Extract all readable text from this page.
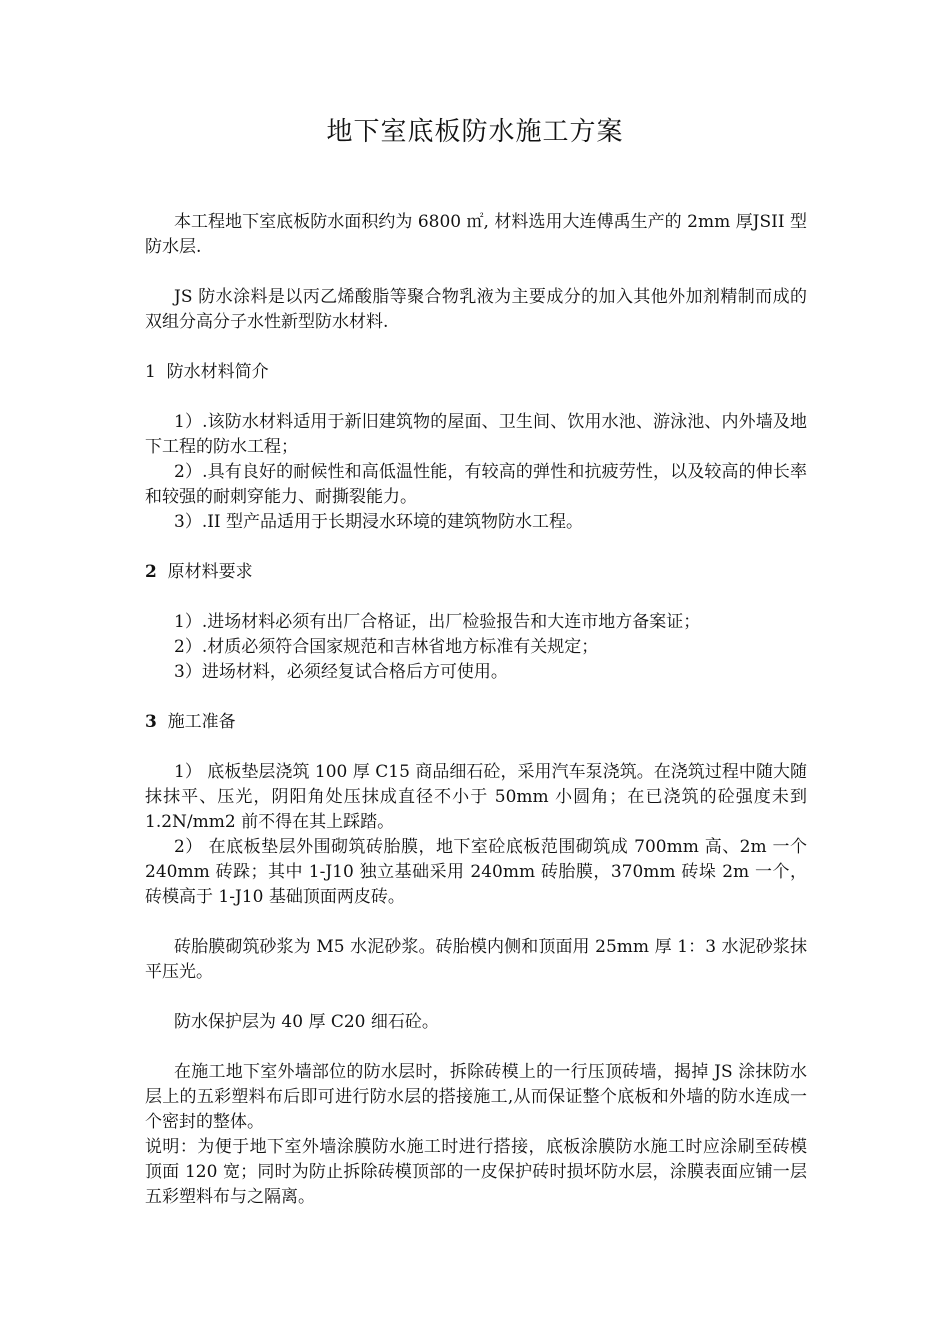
地下室底板防水施工方案

本工程地下室底板防水面积约为 6800 ㎡, 材料选用大连傅禹生产的 2mm 厚JSII 型防水层.

JS 防水涂料是以丙乙烯酸脂等聚合物乳液为主要成分的加入其他外加剂精制而成的双组分高分子水性新型防水材料.

1 防水材料简介

1）.该防水材料适用于新旧建筑物的屋面、卫生间、饮用水池、游泳池、内外墙及地下工程的防水工程；

2）.具有良好的耐候性和高低温性能，有较高的弹性和抗疲劳性，以及较高的伸长率和较强的耐刺穿能力、耐撕裂能力。

3）.II 型产品适用于长期浸水环境的建筑物防水工程。

2 原材料要求

1）.进场材料必须有出厂合格证，出厂检验报告和大连市地方备案证；

2）.材质必须符合国家规范和吉林省地方标准有关规定；

3）进场材料，必须经复试合格后方可使用。

3 施工准备

1） 底板垫层浇筑 100 厚 C15 商品细石砼，采用汽车泵浇筑。在浇筑过程中随大随抹抹平、压光，阴阳角处压抹成直径不小于 50mm 小圆角；在已浇筑的砼强度未到 1.2N/mm2 前不得在其上踩踏。

2） 在底板垫层外围砌筑砖胎膜，地下室砼底板范围砌筑成 700mm 高、2m 一个 240mm 砖跺；其中 1-J10 独立基础采用 240mm 砖胎膜，370mm 砖垛 2m 一个，砖模高于 1-J10 基础顶面两皮砖。

砖胎膜砌筑砂浆为 M5 水泥砂浆。砖胎模内侧和顶面用 25mm 厚 1：3 水泥砂浆抹平压光。

防水保护层为 40 厚 C20 细石砼。

在施工地下室外墙部位的防水层时，拆除砖模上的一行压顶砖墙，揭掉 JS 涂抹防水层上的五彩塑料布后即可进行防水层的搭接施工,从而保证整个底板和外墙的防水连成一个密封的整体。

说明：为便于地下室外墙涂膜防水施工时进行搭接，底板涂膜防水施工时应涂刷至砖模顶面 120 宽；同时为防止拆除砖模顶部的一皮保护砖时损坏防水层，涂膜表面应铺一层五彩塑料布与之隔离。
